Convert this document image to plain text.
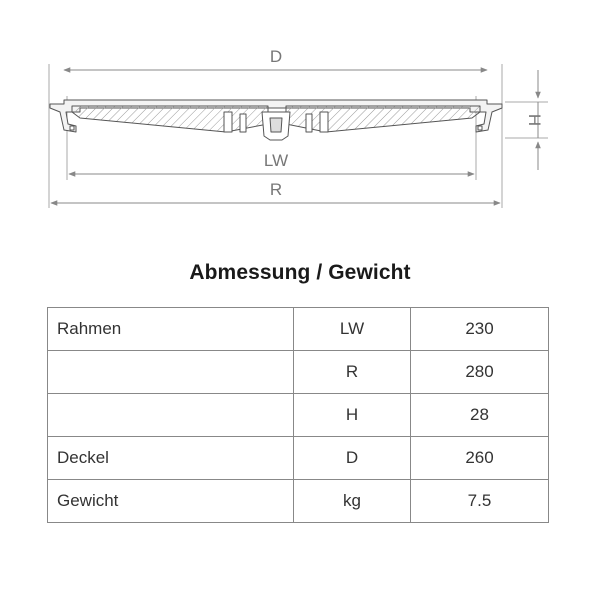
D
LW
R
H
Abmessung / Gewicht
Rahmen	LW	230
	R	280
	H	28
Deckel	D	260
Gewicht	kg	7.5
